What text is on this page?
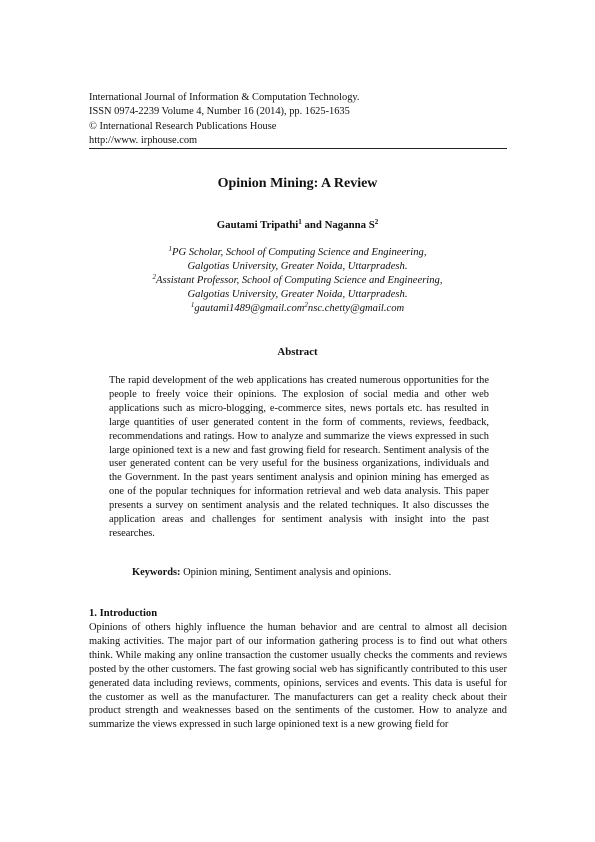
International Journal of Information & Computation Technology.
ISSN 0974-2239 Volume 4, Number 16 (2014), pp. 1625-1635
© International Research Publications House
http://www. irphouse.com
Opinion Mining: A Review
Gautami Tripathi$^1$ and Naganna $S^2$
$^1$PG Scholar, School of Computing Science and Engineering,
Galgotias University, Greater Noida, Uttarpradesh.
$^2$Assistant Professor, School of Computing Science and Engineering,
Galgotias University, Greater Noida, Uttarpradesh.
$^1$gautami1489@gmail.com$^2$nsc.chetty@gmail.com
Abstract
The rapid development of the web applications has created numerous opportunities for the people to freely voice their opinions. The explosion of social media and other web applications such as micro-blogging, e-commerce sites, news portals etc. has resulted in large quantities of user generated content in the form of comments, reviews, feedback, recommendations and ratings. How to analyze and summarize the views expressed in such large opinioned text is a new and fast growing field for research. Sentiment analysis of the user generated content can be very useful for the business organizations, individuals and the Government. In the past years sentiment analysis and opinion mining has emerged as one of the popular techniques for information retrieval and web data analysis. This paper presents a survey on sentiment analysis and the related techniques. It also discusses the application areas and challenges for sentiment analysis with insight into the past researches.
Keywords: Opinion mining, Sentiment analysis and opinions.
1. Introduction
Opinions of others highly influence the human behavior and are central to almost all decision making activities. The major part of our information gathering process is to find out what others think. While making any online transaction the customer usually checks the comments and reviews posted by the other customers. The fast growing social web has significantly contributed to this user generated data including reviews, comments, opinions, services and events. This data is useful for the customer as well as the manufacturer. The manufacturers can get a reality check about their product strength and weaknesses based on the sentiments of the customer. How to analyze and summarize the views expressed in such large opinioned text is a new growing field for
